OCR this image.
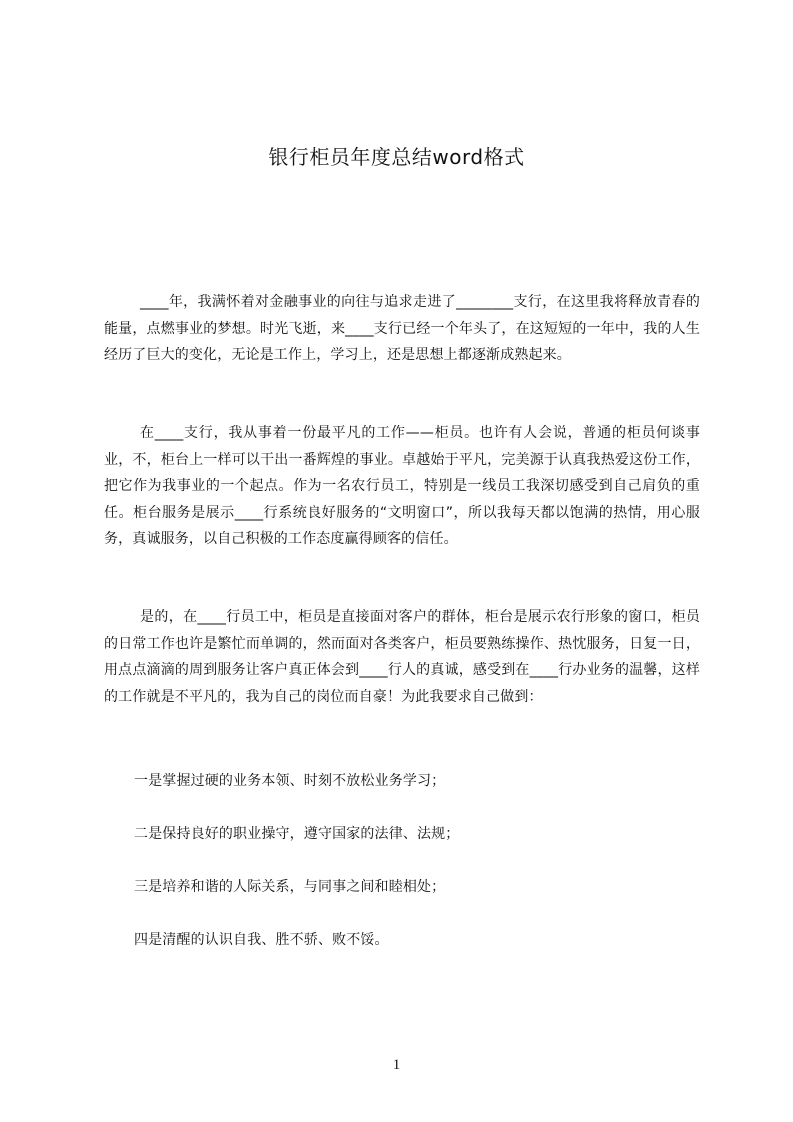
银行柜员年度总结word格式

____年，我满怀着对金融事业的向往与追求走进了________支行，在这里我将释放青春的能量，点燃事业的梦想。时光飞逝，来____支行已经一个年头了，在这短短的一年中，我的人生经历了巨大的变化，无论是工作上，学习上，还是思想上都逐渐成熟起来。

在____支行，我从事着一份最平凡的工作——柜员。也许有人会说，普通的柜员何谈事业，不，柜台上一样可以干出一番辉煌的事业。卓越始于平凡，完美源于认真我热爱这份工作，把它作为我事业的一个起点。作为一名农行员工，特别是一线员工我深切感受到自己肩负的重任。柜台服务是展示____行系统良好服务的“文明窗口”，所以我每天都以饱满的热情，用心服务，真诚服务，以自己积极的工作态度赢得顾客的信任。

是的，在____行员工中，柜员是直接面对客户的群体，柜台是展示农行形象的窗口，柜员的日常工作也许是繁忙而单调的，然而面对各类客户，柜员要熟练操作、热忱服务，日复一日，用点点滴滴的周到服务让客户真正体会到____行人的真诚，感受到在____行办业务的温馨，这样的工作就是不平凡的，我为自己的岗位而自豪！为此我要求自己做到：

一是掌握过硬的业务本领、时刻不放松业务学习；

二是保持良好的职业操守，遵守国家的法律、法规；

三是培养和谐的人际关系，与同事之间和睦相处；

四是清醒的认识自我、胜不骄、败不馁。

1
